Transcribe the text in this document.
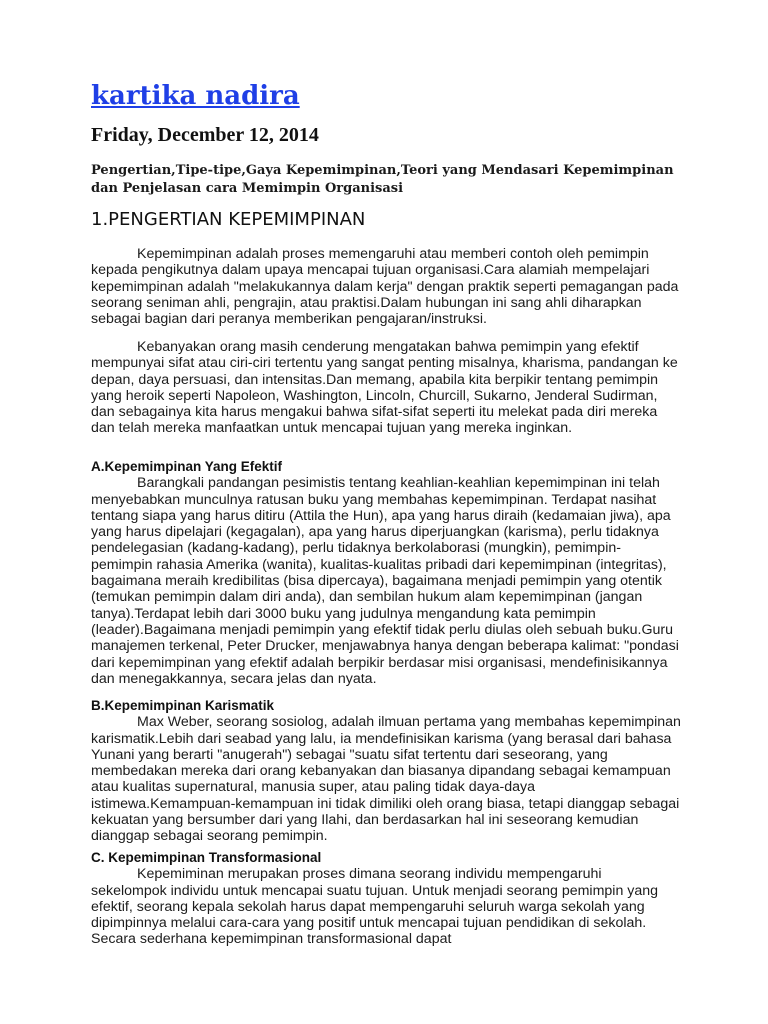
kartika nadira
Friday, December 12, 2014
Pengertian,Tipe-tipe,Gaya Kepemimpinan,Teori yang Mendasari Kepemimpinan dan Penjelasan cara Memimpin Organisasi
1.PENGERTIAN KEPEMIMPINAN

Kepemimpinan adalah proses memengaruhi atau memberi contoh oleh pemimpin kepada pengikutnya dalam upaya mencapai tujuan organisasi.Cara alamiah mempelajari kepemimpinan adalah "melakukannya dalam kerja" dengan praktik seperti pemagangan pada seorang seniman ahli, pengrajin, atau praktisi.Dalam hubungan ini sang ahli diharapkan sebagai bagian dari peranya memberikan pengajaran/instruksi.

Kebanyakan orang masih cenderung mengatakan bahwa pemimpin yang efektif mempunyai sifat atau ciri-ciri tertentu yang sangat penting misalnya, kharisma, pandangan ke depan, daya persuasi, dan intensitas.Dan memang, apabila kita berpikir tentang pemimpin yang heroik seperti Napoleon, Washington, Lincoln, Churcill, Sukarno, Jenderal Sudirman, dan sebagainya kita harus mengakui bahwa sifat-sifat seperti itu melekat pada diri mereka dan telah mereka manfaatkan untuk mencapai tujuan yang mereka inginkan.

A.Kepemimpinan Yang Efektif

Barangkali pandangan pesimistis tentang keahlian-keahlian kepemimpinan ini telah menyebabkan munculnya ratusan buku yang membahas kepemimpinan. Terdapat nasihat tentang siapa yang harus ditiru (Attila the Hun), apa yang harus diraih (kedamaian jiwa), apa yang harus dipelajari (kegagalan), apa yang harus diperjuangkan (karisma), perlu tidaknya pendelegasian (kadang-kadang), perlu tidaknya berkolaborasi (mungkin), pemimpin-pemimpin rahasia Amerika (wanita), kualitas-kualitas pribadi dari kepemimpinan (integritas), bagaimana meraih kredibilitas (bisa dipercaya), bagaimana menjadi pemimpin yang otentik (temukan pemimpin dalam diri anda), dan sembilan hukum alam kepemimpinan (jangan tanya).Terdapat lebih dari 3000 buku yang judulnya mengandung kata pemimpin (leader).Bagaimana menjadi pemimpin yang efektif tidak perlu diulas oleh sebuah buku.Guru manajemen terkenal, Peter Drucker, menjawabnya hanya dengan beberapa kalimat: "pondasi dari kepemimpinan yang efektif adalah berpikir berdasar misi organisasi, mendefinisikannya dan menegakkannya, secara jelas dan nyata.

B.Kepemimpinan Karismatik

Max Weber, seorang sosiolog, adalah ilmuan pertama yang membahas kepemimpinan karismatik.Lebih dari seabad yang lalu, ia mendefinisikan karisma (yang berasal dari bahasa Yunani yang berarti "anugerah") sebagai "suatu sifat tertentu dari seseorang, yang membedakan mereka dari orang kebanyakan dan biasanya dipandang sebagai kemampuan atau kualitas supernatural, manusia super, atau paling tidak daya-daya istimewa.Kemampuan-kemampuan ini tidak dimiliki oleh orang biasa, tetapi dianggap sebagai kekuatan yang bersumber dari yang Ilahi, dan berdasarkan hal ini seseorang kemudian dianggap sebagai seorang pemimpin.

C. Kepemimpinan Transformasional

Kepemiminan merupakan proses dimana seorang individu mempengaruhi sekelompok individu untuk mencapai suatu tujuan. Untuk menjadi seorang pemimpin yang efektif, seorang kepala sekolah harus dapat mempengaruhi seluruh warga sekolah yang dipimpinnya melalui cara-cara yang positif untuk mencapai tujuan pendidikan di sekolah. Secara sederhana kepemimpinan transformasional dapat
